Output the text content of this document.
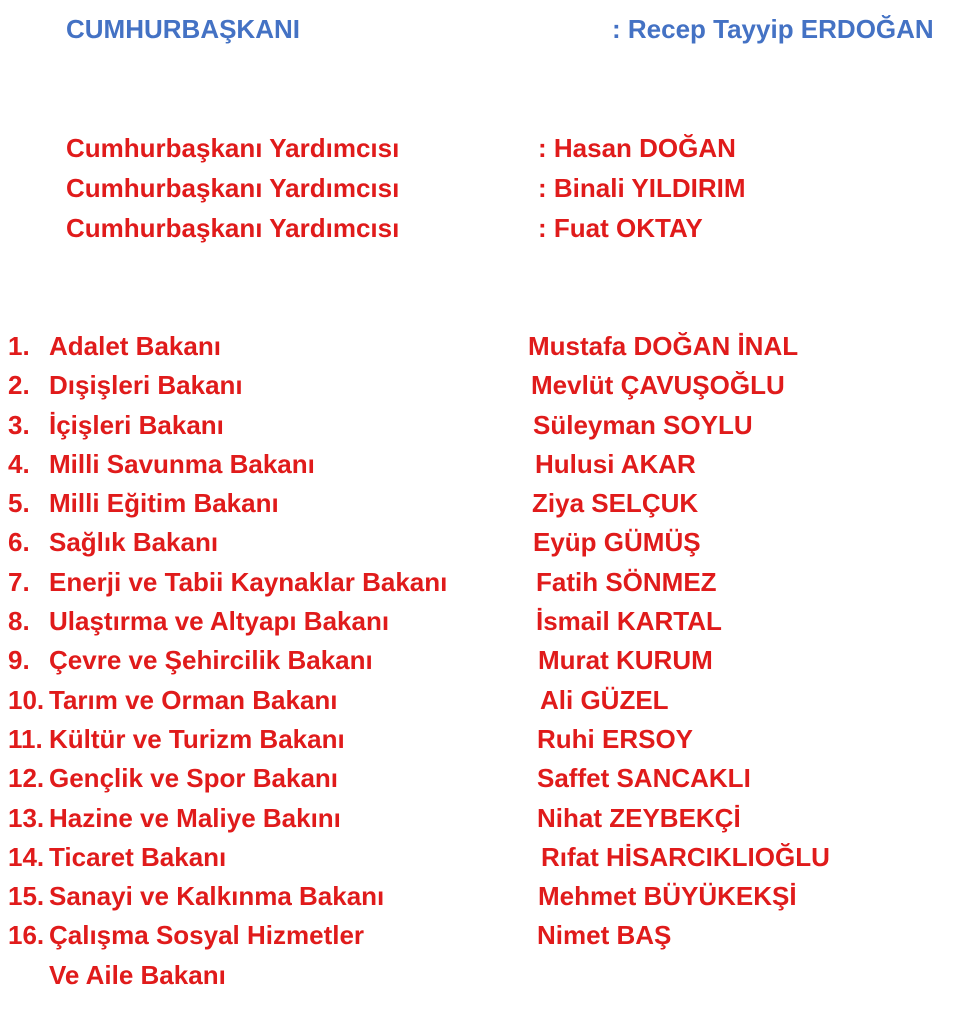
CUMHURBAŞKANI	: Recep Tayyip ERDOĞAN
Cumhurbaşkanı Yardımcısı	: Hasan DOĞAN
Cumhurbaşkanı Yardımcısı	: Binali YILDIRIM
Cumhurbaşkanı Yardımcısı	: Fuat OKTAY
1. Adalet Bakanı	Mustafa DOĞAN İNAL
2. Dışişleri Bakanı	Mevlüt ÇAVUŞOĞLU
3. İçişleri Bakanı	Süleyman SOYLU
4. Milli Savunma Bakanı	Hulusi AKAR
5. Milli Eğitim Bakanı	Ziya SELÇUK
6. Sağlık Bakanı	Eyüp GÜMÜŞ
7. Enerji ve Tabii Kaynaklar Bakanı	Fatih SÖNMEZ
8. Ulaştırma ve Altyapı Bakanı	İsmail KARTAL
9. Çevre ve Şehircilik Bakanı	Murat KURUM
10. Tarım ve Orman Bakanı	Ali GÜZEL
11. Kültür ve Turizm Bakanı	Ruhi ERSOY
12. Gençlik ve Spor Bakanı	Saffet SANCAKLI
13. Hazine ve Maliye Bakını	Nihat ZEYBEKÇİ
14. Ticaret Bakanı	Rıfat HİSARCIKLIOĞLU
15. Sanayi ve Kalkınma Bakanı	Mehmet BÜYÜKEKŞİ
16. Çalışma Sosyal Hizmetler	Nimet BAŞ
Ve Aile Bakanı
